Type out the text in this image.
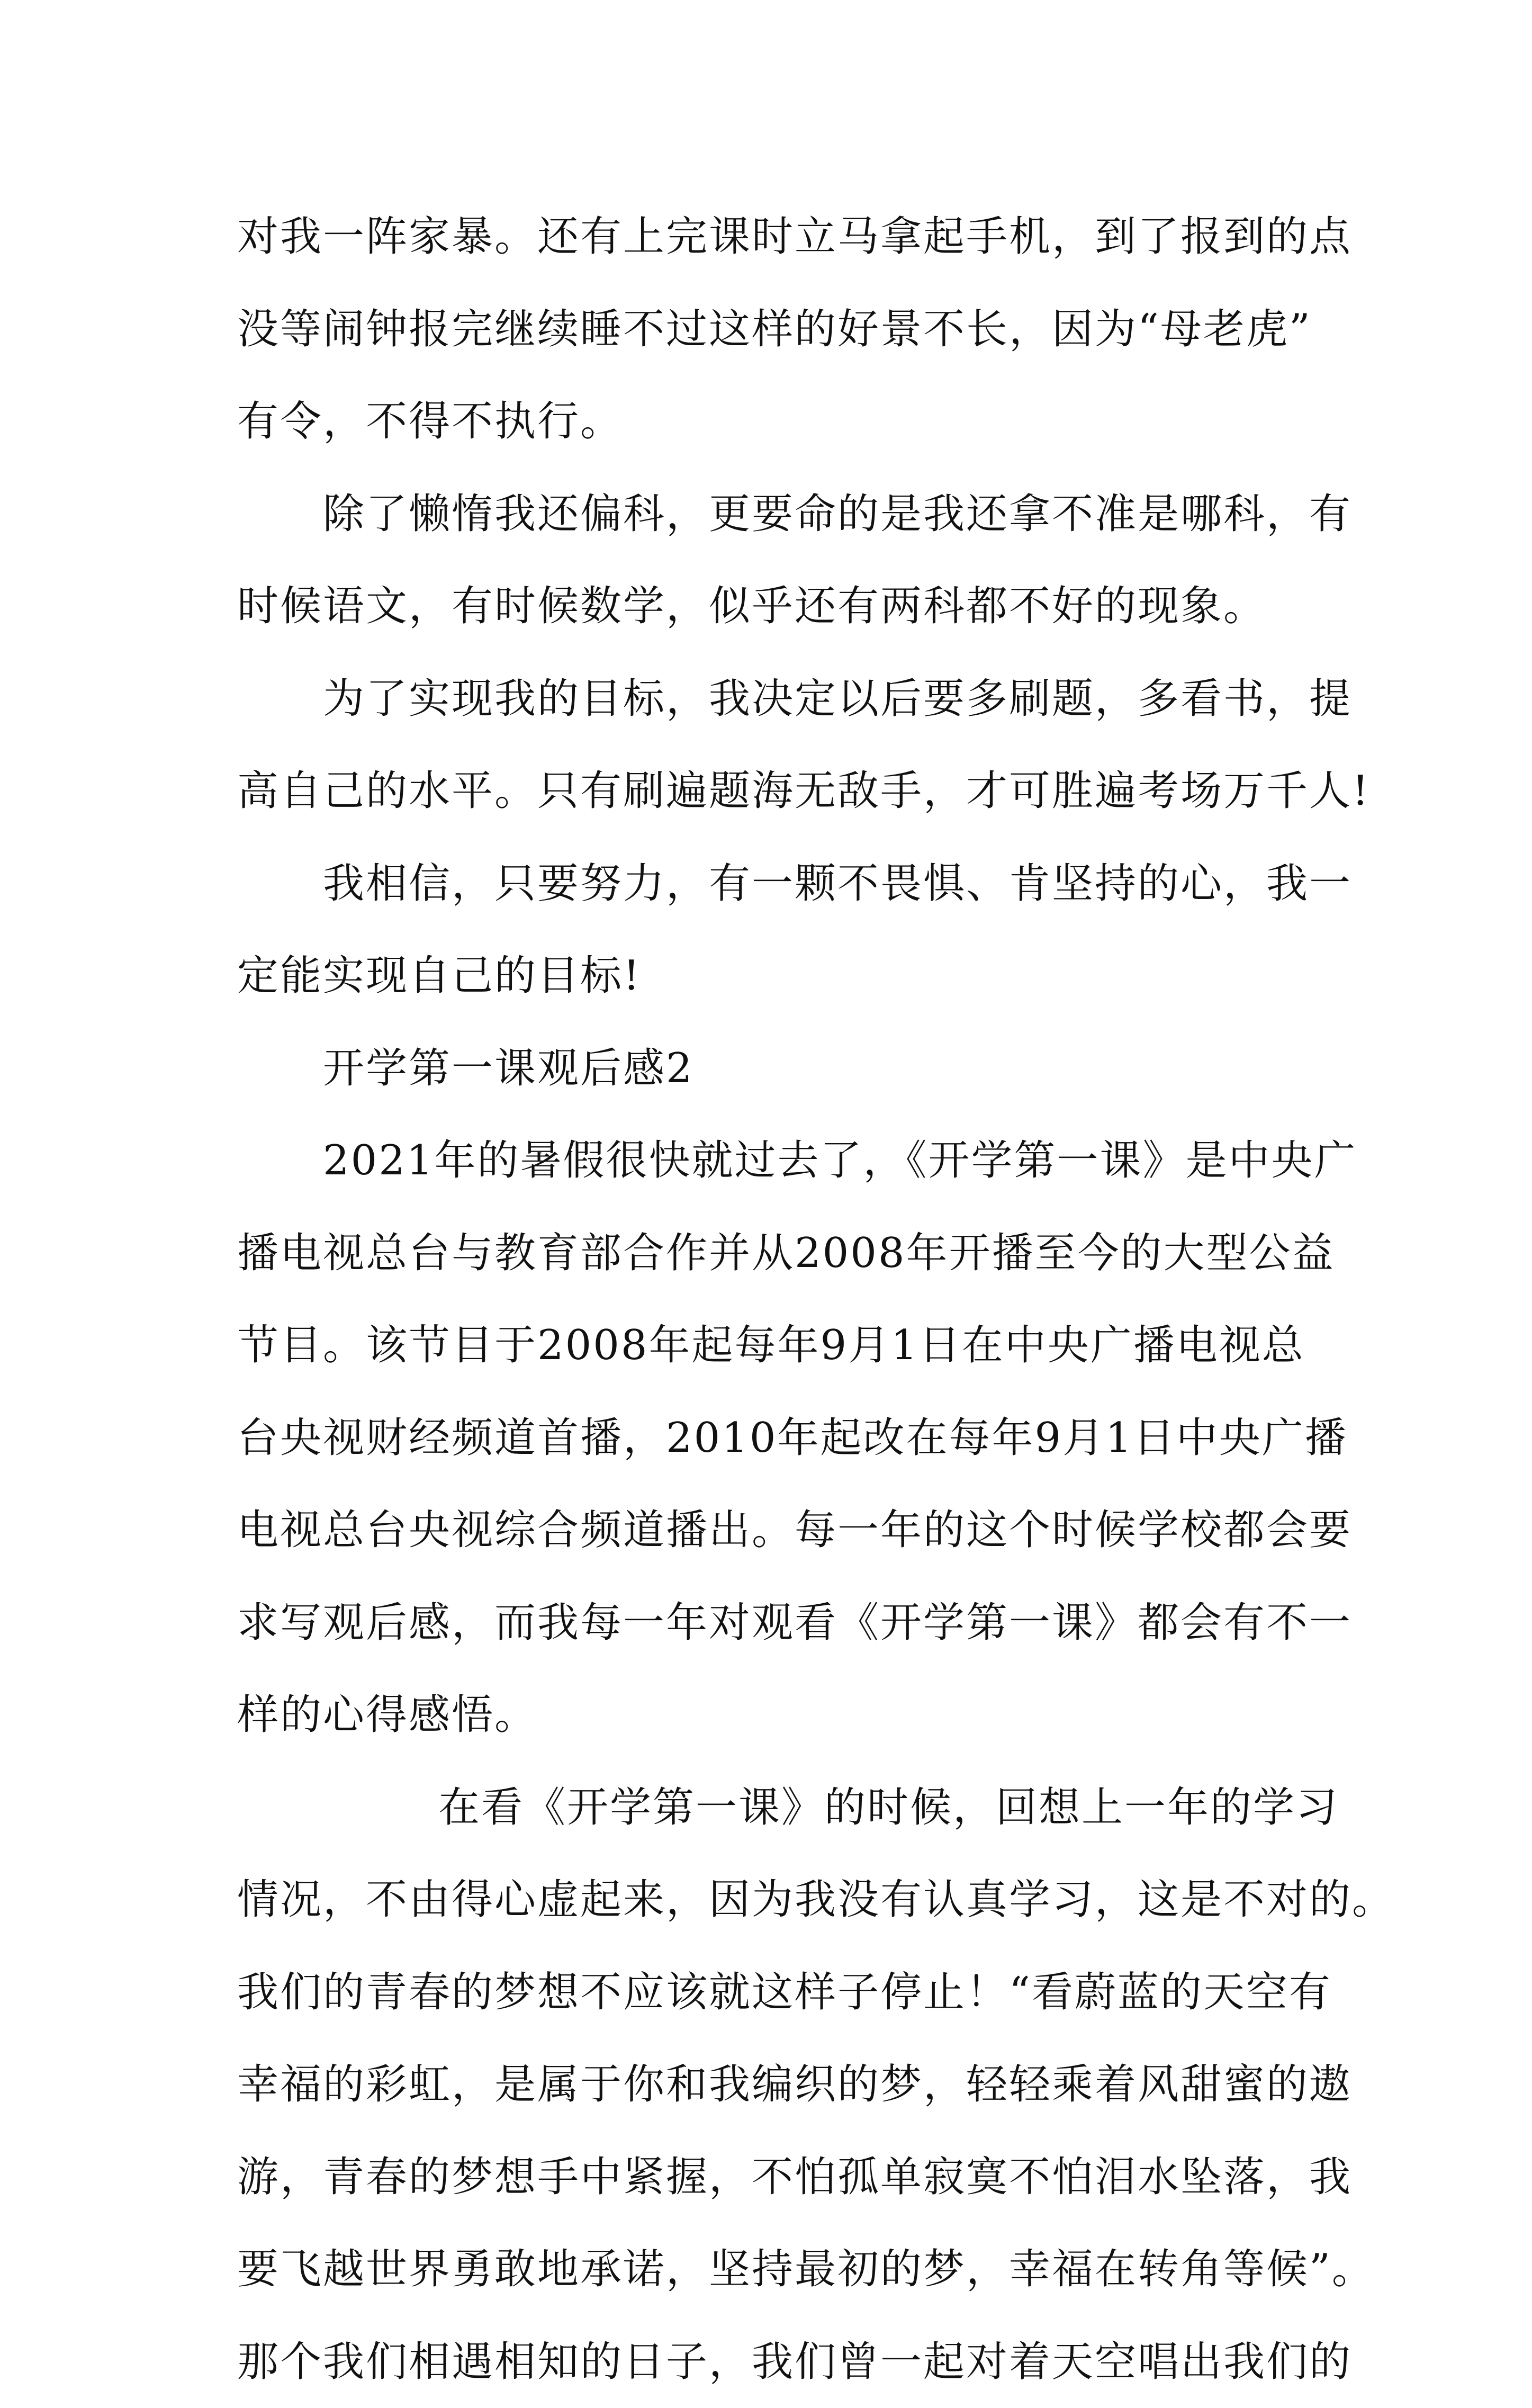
对我一阵家暴。还有上完课时立马拿起手机，到了报到的点
没等闹钟报完继续睡不过这样的好景不长，因为“母老虎”
有令，不得不执行。
除了懒惰我还偏科，更要命的是我还拿不准是哪科，有
时候语文，有时候数学，似乎还有两科都不好的现象。
为了实现我的目标，我决定以后要多刷题，多看书，提
高自己的水平。只有刷遍题海无敌手，才可胜遍考场万千人!
我相信，只要努力，有一颗不畏惧、肯坚持的心，我一
定能实现自己的目标!
开学第一课观后感2
2021年的暑假很快就过去了，《开学第一课》是中央广
播电视总台与教育部合作并从2008年开播至今的大型公益
节目。该节目于2008年起每年9月1日在中央广播电视总
台央视财经频道首播，2010年起改在每年9月1日中央广播
电视总台央视综合频道播出。每一年的这个时候学校都会要
求写观后感，而我每一年对观看《开学第一课》都会有不一
样的心得感悟。
在看《开学第一课》的时候，回想上一年的学习
情况，不由得心虚起来，因为我没有认真学习，这是不对的。
我们的青春的梦想不应该就这样子停止！“看蔚蓝的天空有
幸福的彩虹，是属于你和我编织的梦，轻轻乘着风甜蜜的遨
游，青春的梦想手中紧握，不怕孤单寂寞不怕泪水坠落，我
要飞越世界勇敢地承诺，坚持最初的梦，幸福在转角等候”。
那个我们相遇相知的日子，我们曾一起对着天空唱出我们的
